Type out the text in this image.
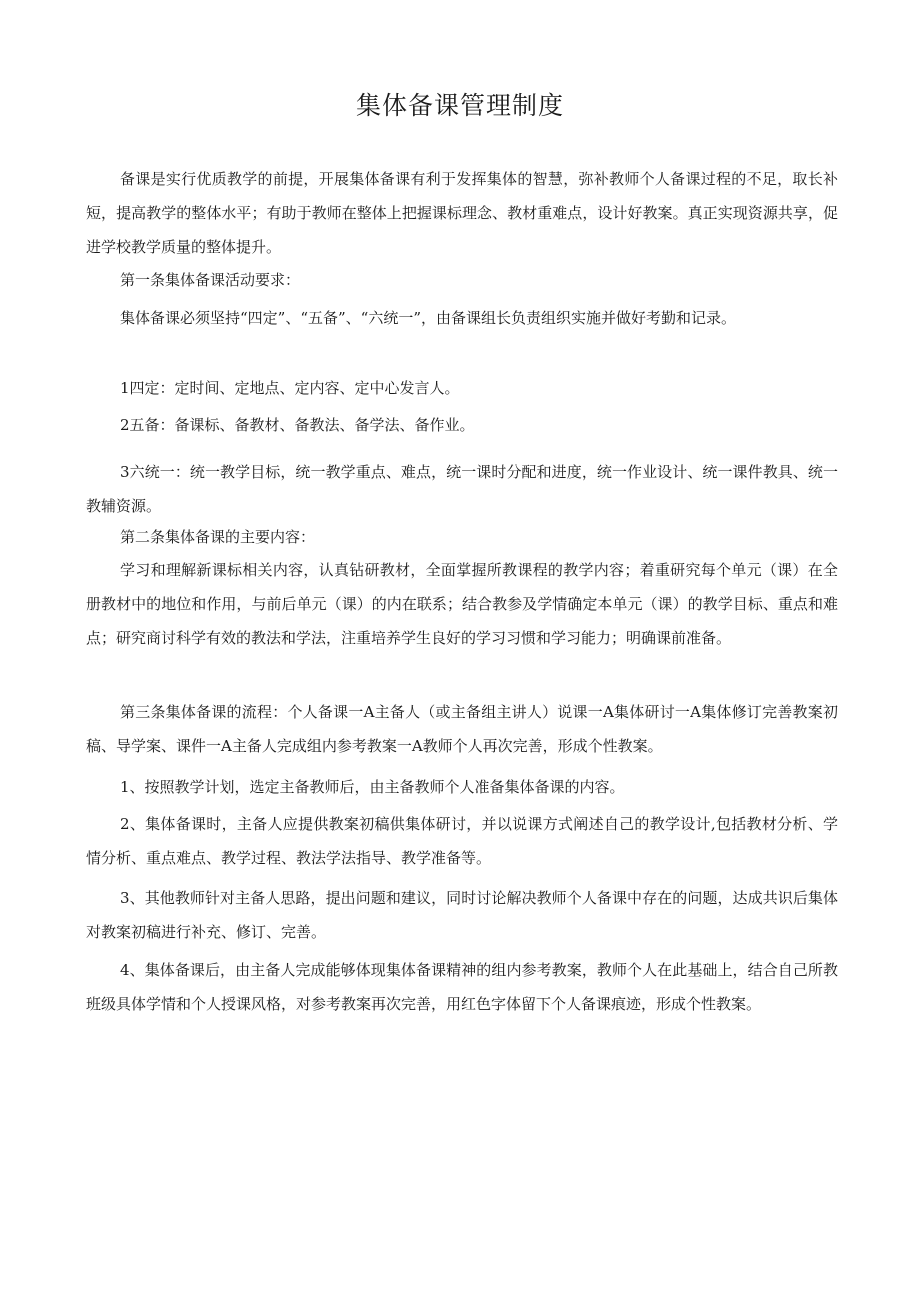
集体备课管理制度

备课是实行优质教学的前提，开展集体备课有利于发挥集体的智慧，弥补教师个人备课过程的不足，取长补短，提高教学的整体水平；有助于教师在整体上把握课标理念、教材重难点，设计好教案。真正实现资源共享，促进学校教学质量的整体提升。

第一条集体备课活动要求：

集体备课必须坚持“四定”、“五备”、“六统一”，由备课组长负责组织实施并做好考勤和记录。

1四定：定时间、定地点、定内容、定中心发言人。

2五备：备课标、备教材、备教法、备学法、备作业。

3六统一：统一教学目标，统一教学重点、难点，统一课时分配和进度，统一作业设计、统一课件教具、统一教辅资源。

第二条集体备课的主要内容：

学习和理解新课标相关内容，认真钻研教材，全面掌握所教课程的教学内容；着重研究每个单元（课）在全册教材中的地位和作用，与前后单元（课）的内在联系；结合教参及学情确定本单元（课）的教学目标、重点和难点；研究商讨科学有效的教法和学法，注重培养学生良好的学习习惯和学习能力；明确课前准备。

第三条集体备课的流程：个人备课一A主备人（或主备组主讲人）说课一A集体研讨一A集体修订完善教案初稿、导学案、课件一A主备人完成组内参考教案一A教师个人再次完善，形成个性教案。

1、按照教学计划，选定主备教师后，由主备教师个人准备集体备课的内容。

2、集体备课时，主备人应提供教案初稿供集体研讨，并以说课方式阐述自己的教学设计,包括教材分析、学情分析、重点难点、教学过程、教法学法指导、教学准备等。

3、其他教师针对主备人思路，提出问题和建议，同时讨论解决教师个人备课中存在的问题，达成共识后集体对教案初稿进行补充、修订、完善。

4、集体备课后，由主备人完成能够体现集体备课精神的组内参考教案，教师个人在此基础上，结合自己所教班级具体学情和个人授课风格，对参考教案再次完善，用红色字体留下个人备课痕迹，形成个性教案。
